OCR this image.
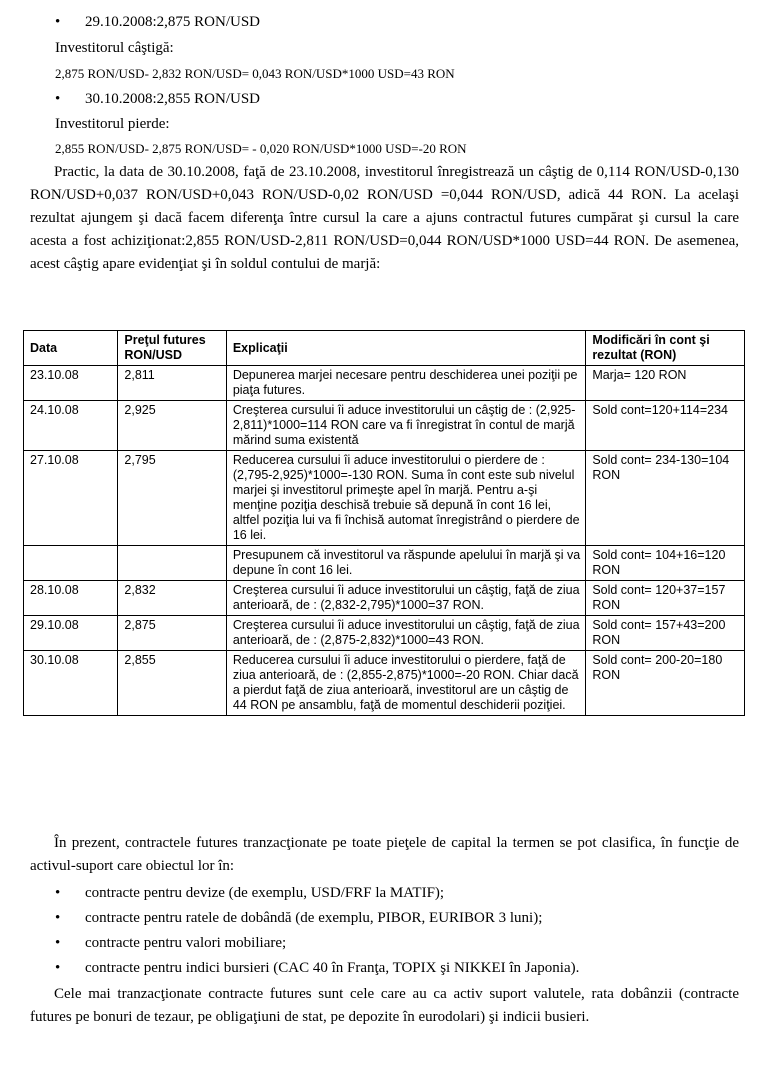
• 29.10.2008:2,875 RON/USD
Investitorul câştigă:
2,875 RON/USD- 2,832 RON/USD= 0,043 RON/USD*1000 USD=43 RON
• 30.10.2008:2,855 RON/USD
Investitorul pierde:
2,855 RON/USD- 2,875 RON/USD= - 0,020 RON/USD*1000 USD=-20 RON

Practic, la data de 30.10.2008, faţă de 23.10.2008, investitorul înregistrează un câştig de 0,114 RON/USD-0,130 RON/USD+0,037 RON/USD+0,043 RON/USD-0,02 RON/USD =0,044 RON/USD, adică 44 RON. La acelaşi rezultat ajungem şi dacă facem diferenţa între cursul la care a ajuns contractul futures cumpărat şi cursul la care acesta a fost achiziţionat:2,855 RON/USD-2,811 RON/USD=0,044 RON/USD*1000 USD=44 RON. De asemenea, acest câştig apare evidenţiat şi în soldul contului de marjă:

Data	Preţul futures RON/USD	Explicaţii	Modificări în cont şi rezultat (RON)
23.10.08	2,811	Depunerea marjei necesare pentru deschiderea unei poziţii pe piaţa futures.	Marja= 120 RON
24.10.08	2,925	Creşterea cursului îi aduce investitorului un câştig de : (2,925-2,811)*1000=114 RON care va fi înregistrat în contul de marjă mărind suma existentă	Sold cont=120+114=234
27.10.08	2,795	Reducerea cursului îi aduce investitorului o pierdere de : (2,795-2,925)*1000=-130 RON. Suma în cont este sub nivelul marjei şi investitorul primeşte apel în marjă. Pentru a-şi menţine poziţia deschisă trebuie să depună în cont 16 lei, altfel poziţia lui va fi închisă automat înregistrând o pierdere de 16 lei.	Sold cont= 234-130=104 RON
		Presupunem că investitorul va răspunde apelului în marjă şi va depune în cont 16 lei.	Sold cont= 104+16=120 RON
28.10.08	2,832	Creşterea cursului îi aduce investitorului un câştig, faţă de ziua anterioară, de : (2,832-2,795)*1000=37 RON.	Sold cont= 120+37=157 RON
29.10.08	2,875	Creşterea cursului îi aduce investitorului un câştig, faţă de ziua anterioară, de : (2,875-2,832)*1000=43 RON.	Sold cont= 157+43=200 RON
30.10.08	2,855	Reducerea cursului îi aduce investitorului o pierdere, faţă de ziua anterioară, de : (2,855-2,875)*1000=-20 RON. Chiar dacă a pierdut faţă de ziua anterioară, investitorul are un câştig de 44 RON pe ansamblu, faţă de momentul deschiderii poziţiei.	Sold cont= 200-20=180 RON

În prezent, contractele futures tranzacţionate pe toate pieţele de capital la termen se pot clasifica, în funcţie de activul-suport care obiectul lor în:

• contracte pentru devize (de exemplu, USD/FRF la MATIF);
• contracte pentru ratele de dobândă (de exemplu, PIBOR, EURIBOR 3 luni);
• contracte pentru valori mobiliare;
• contracte pentru indici bursieri (CAC 40 în Franţa, TOPIX şi NIKKEI în Japonia).

Cele mai tranzacţionate contracte futures sunt cele care au ca activ suport valutele, rata dobânzii (contracte futures pe bonuri de tezaur, pe obligaţiuni de stat, pe depozite în eurodolari) şi indicii busieri.
